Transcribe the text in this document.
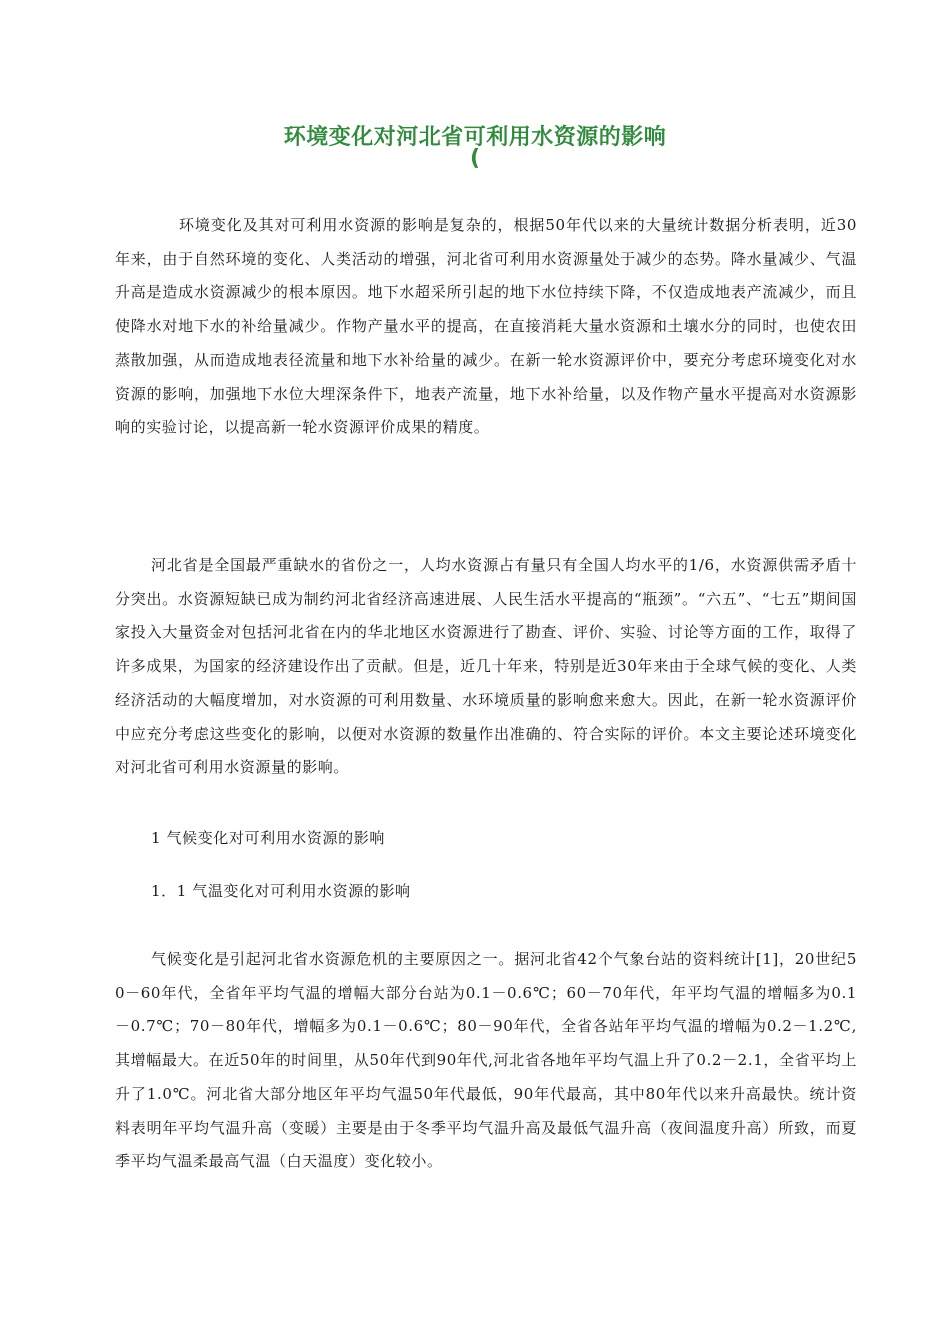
环境变化对河北省可利用水资源的影响
(

环境变化及其对可利用水资源的影响是复杂的，根据50年代以来的大量统计数据分析表明，近30年来，由于自然环境的变化、人类活动的增强，河北省可利用水资源量处于减少的态势。降水量减少、气温升高是造成水资源减少的根本原因。地下水超采所引起的地下水位持续下降，不仅造成地表产流减少，而且使降水对地下水的补给量减少。作物产量水平的提高，在直接消耗大量水资源和土壤水分的同时，也使农田蒸散加强，从而造成地表径流量和地下水补给量的减少。在新一轮水资源评价中，要充分考虑环境变化对水资源的影响，加强地下水位大埋深条件下，地表产流量，地下水补给量，以及作物产量水平提高对水资源影响的实验讨论，以提高新一轮水资源评价成果的精度。

河北省是全国最严重缺水的省份之一，人均水资源占有量只有全国人均水平的1/6，水资源供需矛盾十分突出。水资源短缺已成为制约河北省经济高速进展、人民生活水平提高的“瓶颈”。“六五”、“七五”期间国家投入大量资金对包括河北省在内的华北地区水资源进行了勘查、评价、实验、讨论等方面的工作，取得了许多成果，为国家的经济建设作出了贡献。但是，近几十年来，特别是近30年来由于全球气候的变化、人类经济活动的大幅度增加，对水资源的可利用数量、水环境质量的影响愈来愈大。因此，在新一轮水资源评价中应充分考虑这些变化的影响，以便对水资源的数量作出准确的、符合实际的评价。本文主要论述环境变化对河北省可利用水资源量的影响。

1 气候变化对可利用水资源的影响
1．1 气温变化对可利用水资源的影响

气候变化是引起河北省水资源危机的主要原因之一。据河北省42个气象台站的资料统计[1]，20世纪50－60年代，全省年平均气温的增幅大部分台站为0.1－0.6℃；60－70年代，年平均气温的增幅多为0.1－0.7℃；70－80年代，增幅多为0.1－0.6℃；80－90年代，全省各站年平均气温的增幅为0.2－1.2℃,其增幅最大。在近50年的时间里，从50年代到90年代,河北省各地年平均气温上升了0.2－2.1，全省平均上升了1.0℃。河北省大部分地区年平均气温50年代最低，90年代最高，其中80年代以来升高最快。统计资料表明年平均气温升高（变暖）主要是由于冬季平均气温升高及最低气温升高（夜间温度升高）所致，而夏季平均气温柔最高气温（白天温度）变化较小。
